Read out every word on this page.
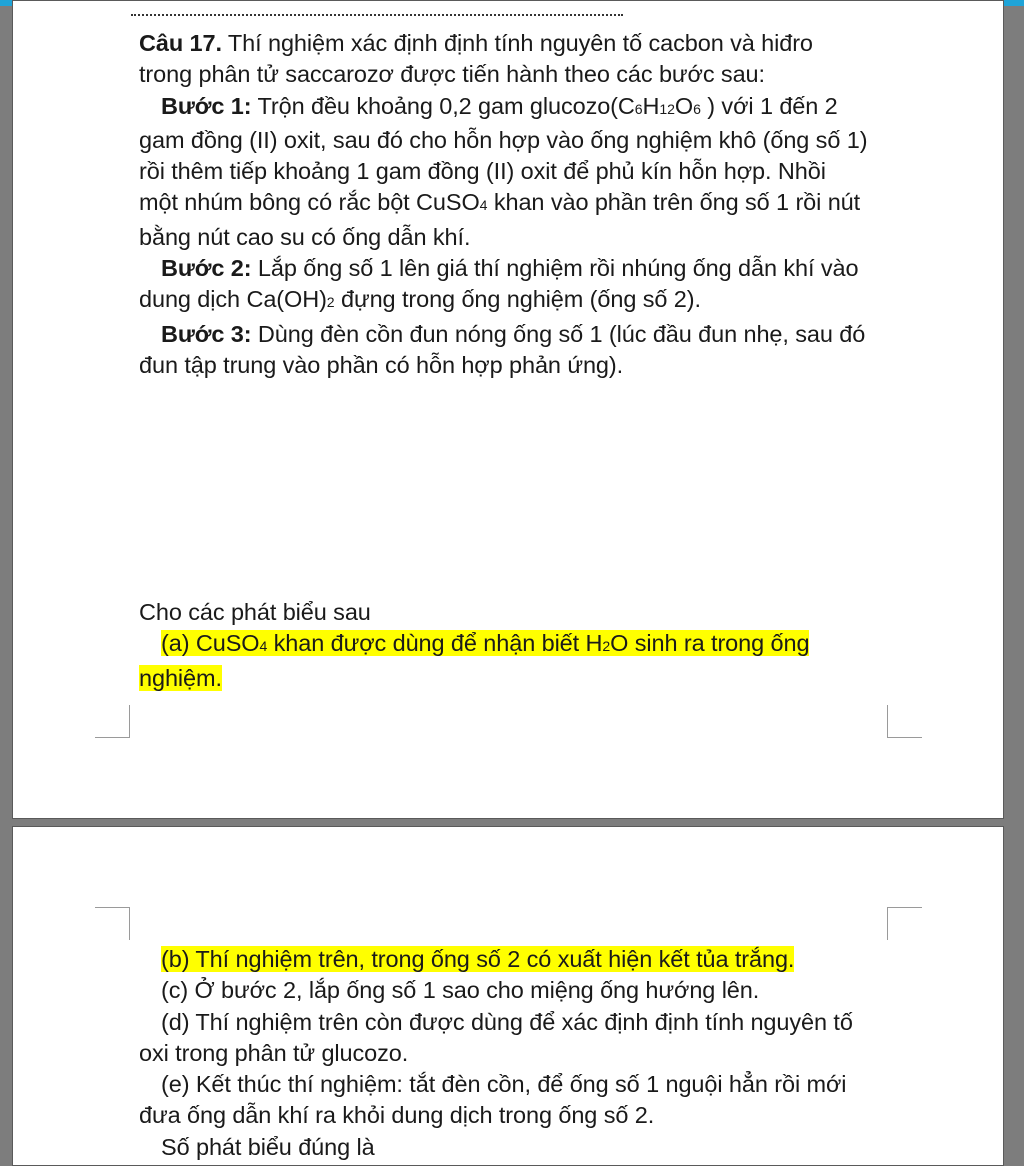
Câu 17. Thí nghiệm xác định định tính nguyên tố cacbon và hiđro trong phân tử saccarozơ được tiến hành theo các bước sau:

Bước 1: Trộn đều khoảng 0,2 gam glucozo(C6H12O6 ) với 1 đến 2 gam đồng (II) oxit, sau đó cho hỗn hợp vào ống nghiệm khô (ống số 1) rồi thêm tiếp khoảng 1 gam đồng (II) oxit để phủ kín hỗn hợp. Nhồi một nhúm bông có rắc bột CuSO4 khan vào phần trên ống số 1 rồi nút bằng nút cao su có ống dẫn khí.

Bước 2: Lắp ống số 1 lên giá thí nghiệm rồi nhúng ống dẫn khí vào dung dịch Ca(OH)2 đựng trong ống nghiệm (ống số 2).

Bước 3: Dùng đèn cồn đun nóng ống số 1 (lúc đầu đun nhẹ, sau đó đun tập trung vào phần có hỗn hợp phản ứng).

Cho các phát biểu sau

(a) CuSO4 khan được dùng để nhận biết H2O sinh ra trong ống nghiệm.

(b) Thí nghiệm trên, trong ống số 2 có xuất hiện kết tủa trắng.

(c) Ở bước 2, lắp ống số 1 sao cho miệng ống hướng lên.

(d) Thí nghiệm trên còn được dùng để xác định định tính nguyên tố oxi trong phân tử glucozo.

(e) Kết thúc thí nghiệm: tắt đèn cồn, để ống số 1 nguội hẳn rồi mới đưa ống dẫn khí ra khỏi dung dịch trong ống số 2.

Số phát biểu đúng là
